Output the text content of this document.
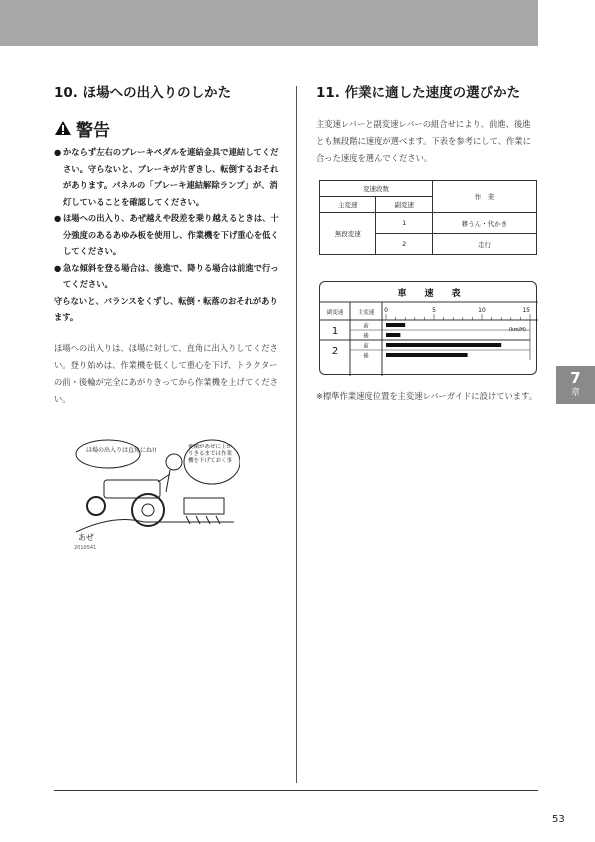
10. ほ場への出入りのしかた
警告
● かならず左右のブレーキペダルを連結金具で連結してください。守らないと、ブレーキが片ぎきし、転倒するおそれがあります。パネルの「ブレーキ連結解除ランプ」が、消灯していることを確認してください。
● ほ場への出入り、あぜ越えや段差を乗り越えるときは、十分強度のあるあゆみ板を使用し、作業機を下げ重心を低くしてください。
● 急な傾斜を登る場合は、後進で、降りる場合は前進で行ってください。

守らないと、バランスをくずし、転倒・転落のおそれがあります。

ほ場への出入りは、ほ場に対して、直角に出入りしてください。登り始めは、作業機を低くして重心を下げ、トラクターの前・後輪が完全にあがりきってから作業機を上げてください。

ほ場の出入りは直角にね!!	後輪があぜに上がりきるまでは作業機を下げておく事
あぜ
2010541
11. 作業に適した速度の選びかた

主変速レバーと副変速レバーの組合せにより、前進、後進とも無段階に速度が選べます。下表を参考にして、作業に合った速度を選んでください。

変速段数		作　業
主変速	副変速	
無段変速	1	耕うん・代かき
	2	走行
車　　速　　表
副変速	主変速 0	5	10	15
(km/H)
前
後
1
前
後
2

※標準作業速度位置を主変速レバーガイドに設けています。

7
章
53
